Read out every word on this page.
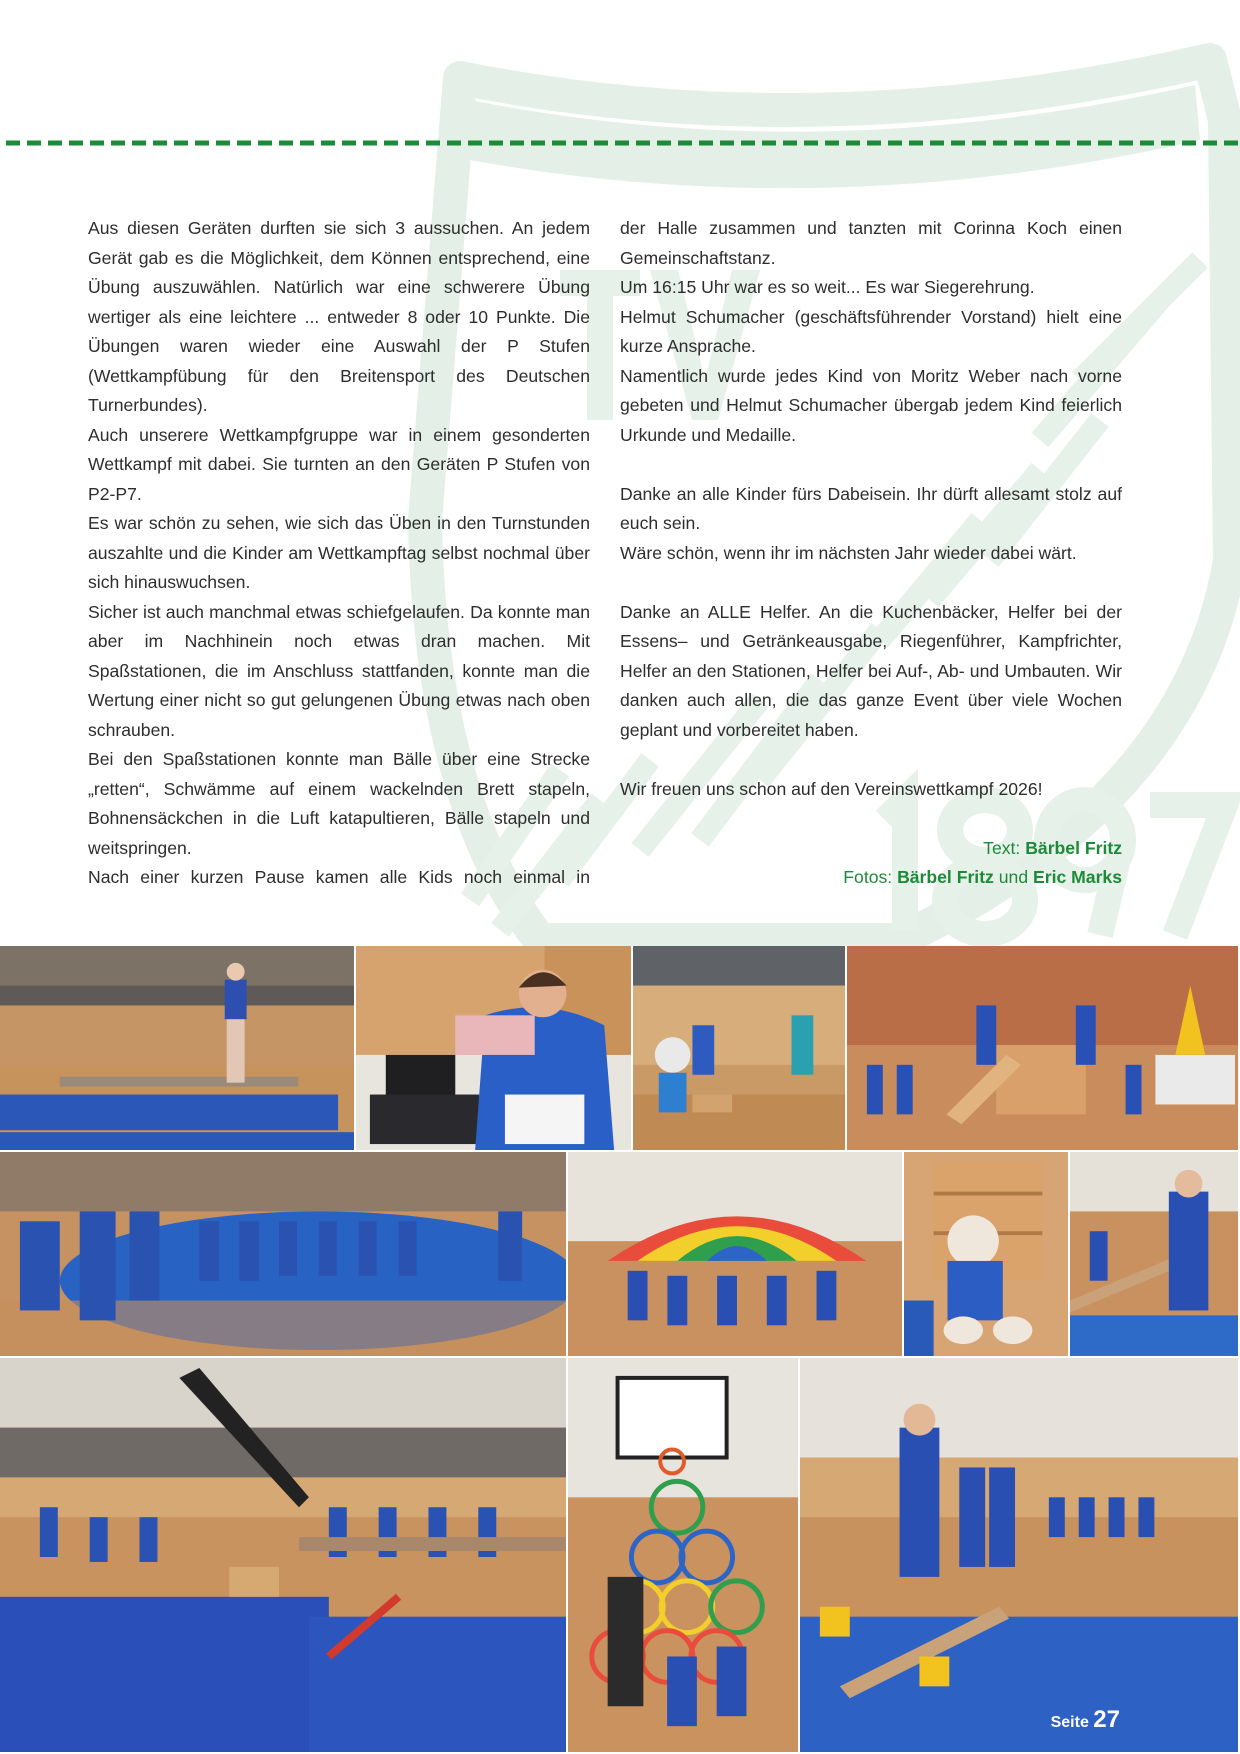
Aus diesen Geräten durften sie sich 3 aussuchen. An jedem Gerät gab es die Möglichkeit, dem Können entsprechend, eine Übung auszuwählen. Natürlich war eine schwerere Übung wertiger als eine leichtere ... entweder 8 oder 10 Punkte. Die Übungen waren wieder eine Auswahl der P Stufen (Wettkampfübung für den Breitensport des Deutschen Turnerbundes).

Auch unserere Wettkampfgruppe war in einem gesonderten Wettkampf mit dabei. Sie turnten an den Geräten P Stufen von P2-P7.

Es war schön zu sehen, wie sich das Üben in den Turnstunden auszahlte und die Kinder am Wettkampftag selbst nochmal über sich hinauswuchsen.

Sicher ist auch manchmal etwas schiefgelaufen. Da konnte man aber im Nachhinein noch etwas dran machen. Mit Spaßstationen, die im Anschluss stattfanden, konnte man die Wertung einer nicht so gut gelungenen Übung etwas nach oben schrauben.

Bei den Spaßstationen konnte man Bälle über eine Strecke „retten“, Schwämme auf einem wackelnden Brett stapeln, Bohnensäckchen in die Luft katapultieren, Bälle stapeln und weitspringen.

Nach einer kurzen Pause kamen alle Kids noch einmal in

der Halle zusammen und tanzten mit Corinna Koch einen Gemeinschaftstanz.

Um 16:15 Uhr war es so weit... Es war Siegerehrung.

Helmut Schumacher (geschäftsführender Vorstand) hielt eine kurze Ansprache.

Namentlich wurde jedes Kind von Moritz Weber nach vorne gebeten und Helmut Schumacher übergab jedem Kind feierlich Urkunde und Medaille.

Danke an alle Kinder fürs Dabeisein. Ihr dürft allesamt stolz auf euch sein.

Wäre schön, wenn ihr im nächsten Jahr wieder dabei wärt.

Danke an ALLE Helfer. An die Kuchenbäcker, Helfer bei der Essens– und Getränkeausgabe, Riegenführer, Kampfrichter, Helfer an den Stationen, Helfer bei Auf-, Ab- und Umbauten. Wir danken auch allen, die das ganze Event über viele Wochen geplant und vorbereitet haben.

Wir freuen uns schon auf den Vereinswettkampf 2026!

Text: Bärbel Fritz
Fotos: Bärbel Fritz und Eric Marks
Seite 27
